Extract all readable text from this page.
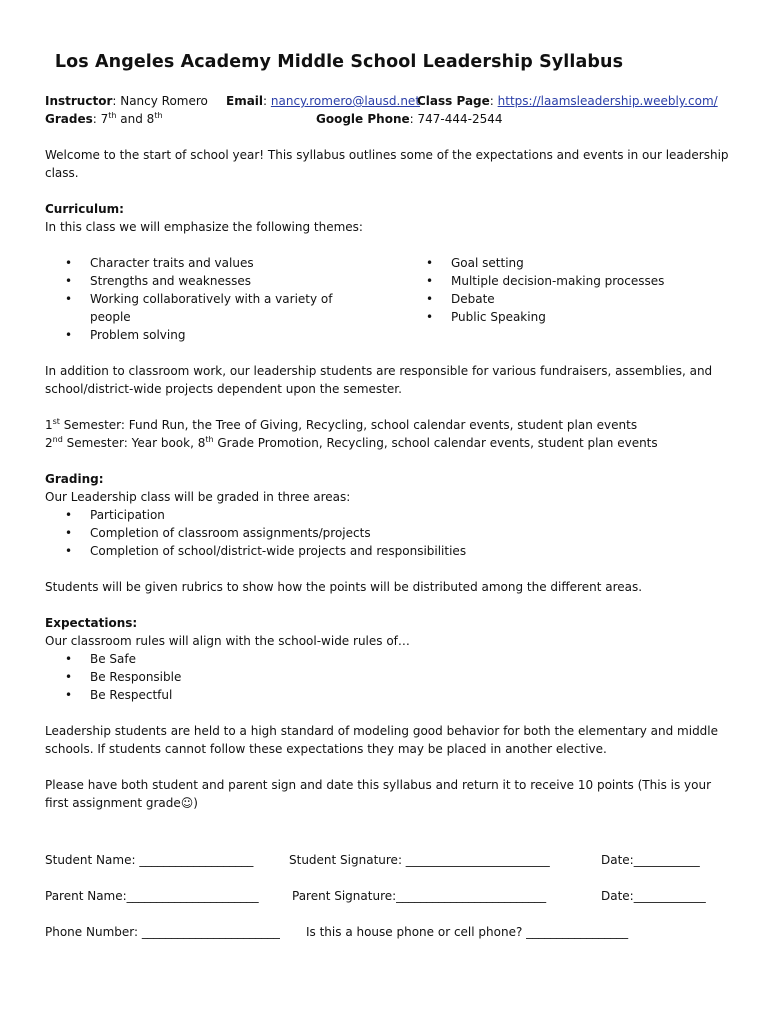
Los Angeles Academy Middle School Leadership Syllabus
Instructor: Nancy Romero Email: nancy.romero@lausd.net
Class Page: https://laamsleadership.weebly.com/
Grades: 7th and 8th	Google Phone: 747-444-2544

Welcome to the start of school year! This syllabus outlines some of the expectations and events in our leadership class.

Curriculum:

In this class we will emphasize the following themes:

• Character traits and values
• Strengths and weaknesses
• Working collaboratively with a variety of people
• Problem solving
• Goal setting
• Multiple decision-making processes
• Debate
• Public Speaking

In addition to classroom work, our leadership students are responsible for various fundraisers, assemblies, and school/district-wide projects dependent upon the semester.

1st Semester: Fund Run, the Tree of Giving, Recycling, school calendar events, student plan events

2nd Semester: Year book, 8th Grade Promotion, Recycling, school calendar events, student plan events

Grading:

Our Leadership class will be graded in three areas:

• Participation
• Completion of classroom assignments/projects
• Completion of school/district-wide projects and responsibilities

Students will be given rubrics to show how the points will be distributed among the different areas.

Expectations:

Our classroom rules will align with the school-wide rules of…

• Be Safe
• Be Responsible
• Be Respectful

Leadership students are held to a high standard of modeling good behavior for both the elementary and middle schools. If students cannot follow these expectations they may be placed in another elective.

Please have both student and parent sign and date this syllabus and return it to receive 10 points (This is your first assignment grade☺)

Student Name: ___________________	Student Signature: ________________________	Date:___________
Parent Name:______________________	Parent Signature:_________________________	Date:____________
Phone Number: _______________________ Is this a house phone or cell phone? _________________
